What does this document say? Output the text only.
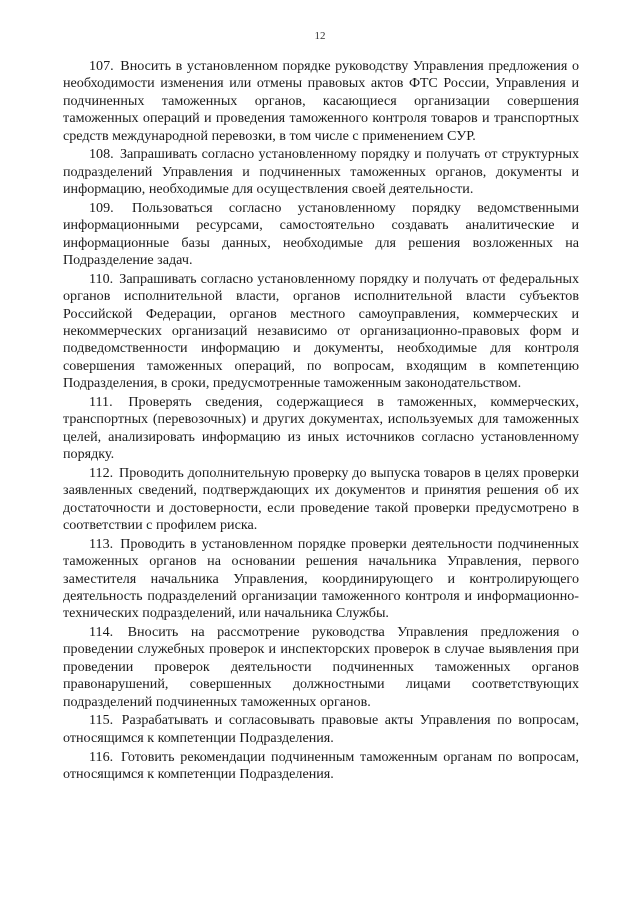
12

107. Вносить в установленном порядке руководству Управления предложения о необходимости изменения или отмены правовых актов ФТС России, Управления и подчиненных таможенных органов, касающиеся организации совершения таможенных операций и проведения таможенного контроля товаров и транспортных средств международной перевозки, в том числе с применением СУР.

108. Запрашивать согласно установленному порядку и получать от структурных подразделений Управления и подчиненных таможенных органов, документы и информацию, необходимые для осуществления своей деятельности.

109. Пользоваться согласно установленному порядку ведомственными информационными ресурсами, самостоятельно создавать аналитические и информационные базы данных, необходимые для решения возложенных на Подразделение задач.

110. Запрашивать согласно установленному порядку и получать от федеральных органов исполнительной власти, органов исполнительной власти субъектов Российской Федерации, органов местного самоуправления, коммерческих и некоммерческих организаций независимо от организационно-правовых форм и подведомственности информацию и документы, необходимые для контроля совершения таможенных операций, по вопросам, входящим в компетенцию Подразделения, в сроки, предусмотренные таможенным законодательством.

111. Проверять сведения, содержащиеся в таможенных, коммерческих, транспортных (перевозочных) и других документах, используемых для таможенных целей, анализировать информацию из иных источников согласно установленному порядку.

112. Проводить дополнительную проверку до выпуска товаров в целях проверки заявленных сведений, подтверждающих их документов и принятия решения об их достаточности и достоверности, если проведение такой проверки предусмотрено в соответствии с профилем риска.

113. Проводить в установленном порядке проверки деятельности подчиненных таможенных органов на основании решения начальника Управления, первого заместителя начальника Управления, координирующего и контролирующего деятельность подразделений организации таможенного контроля и информационно-технических подразделений, или начальника Службы.

114. Вносить на рассмотрение руководства Управления предложения о проведении служебных проверок и инспекторских проверок в случае выявления при проведении проверок деятельности подчиненных таможенных органов правонарушений, совершенных должностными лицами соответствующих подразделений подчиненных таможенных органов.

115. Разрабатывать и согласовывать правовые акты Управления по вопросам, относящимся к компетенции Подразделения.

116. Готовить рекомендации подчиненным таможенным органам по вопросам, относящимся к компетенции Подразделения.
